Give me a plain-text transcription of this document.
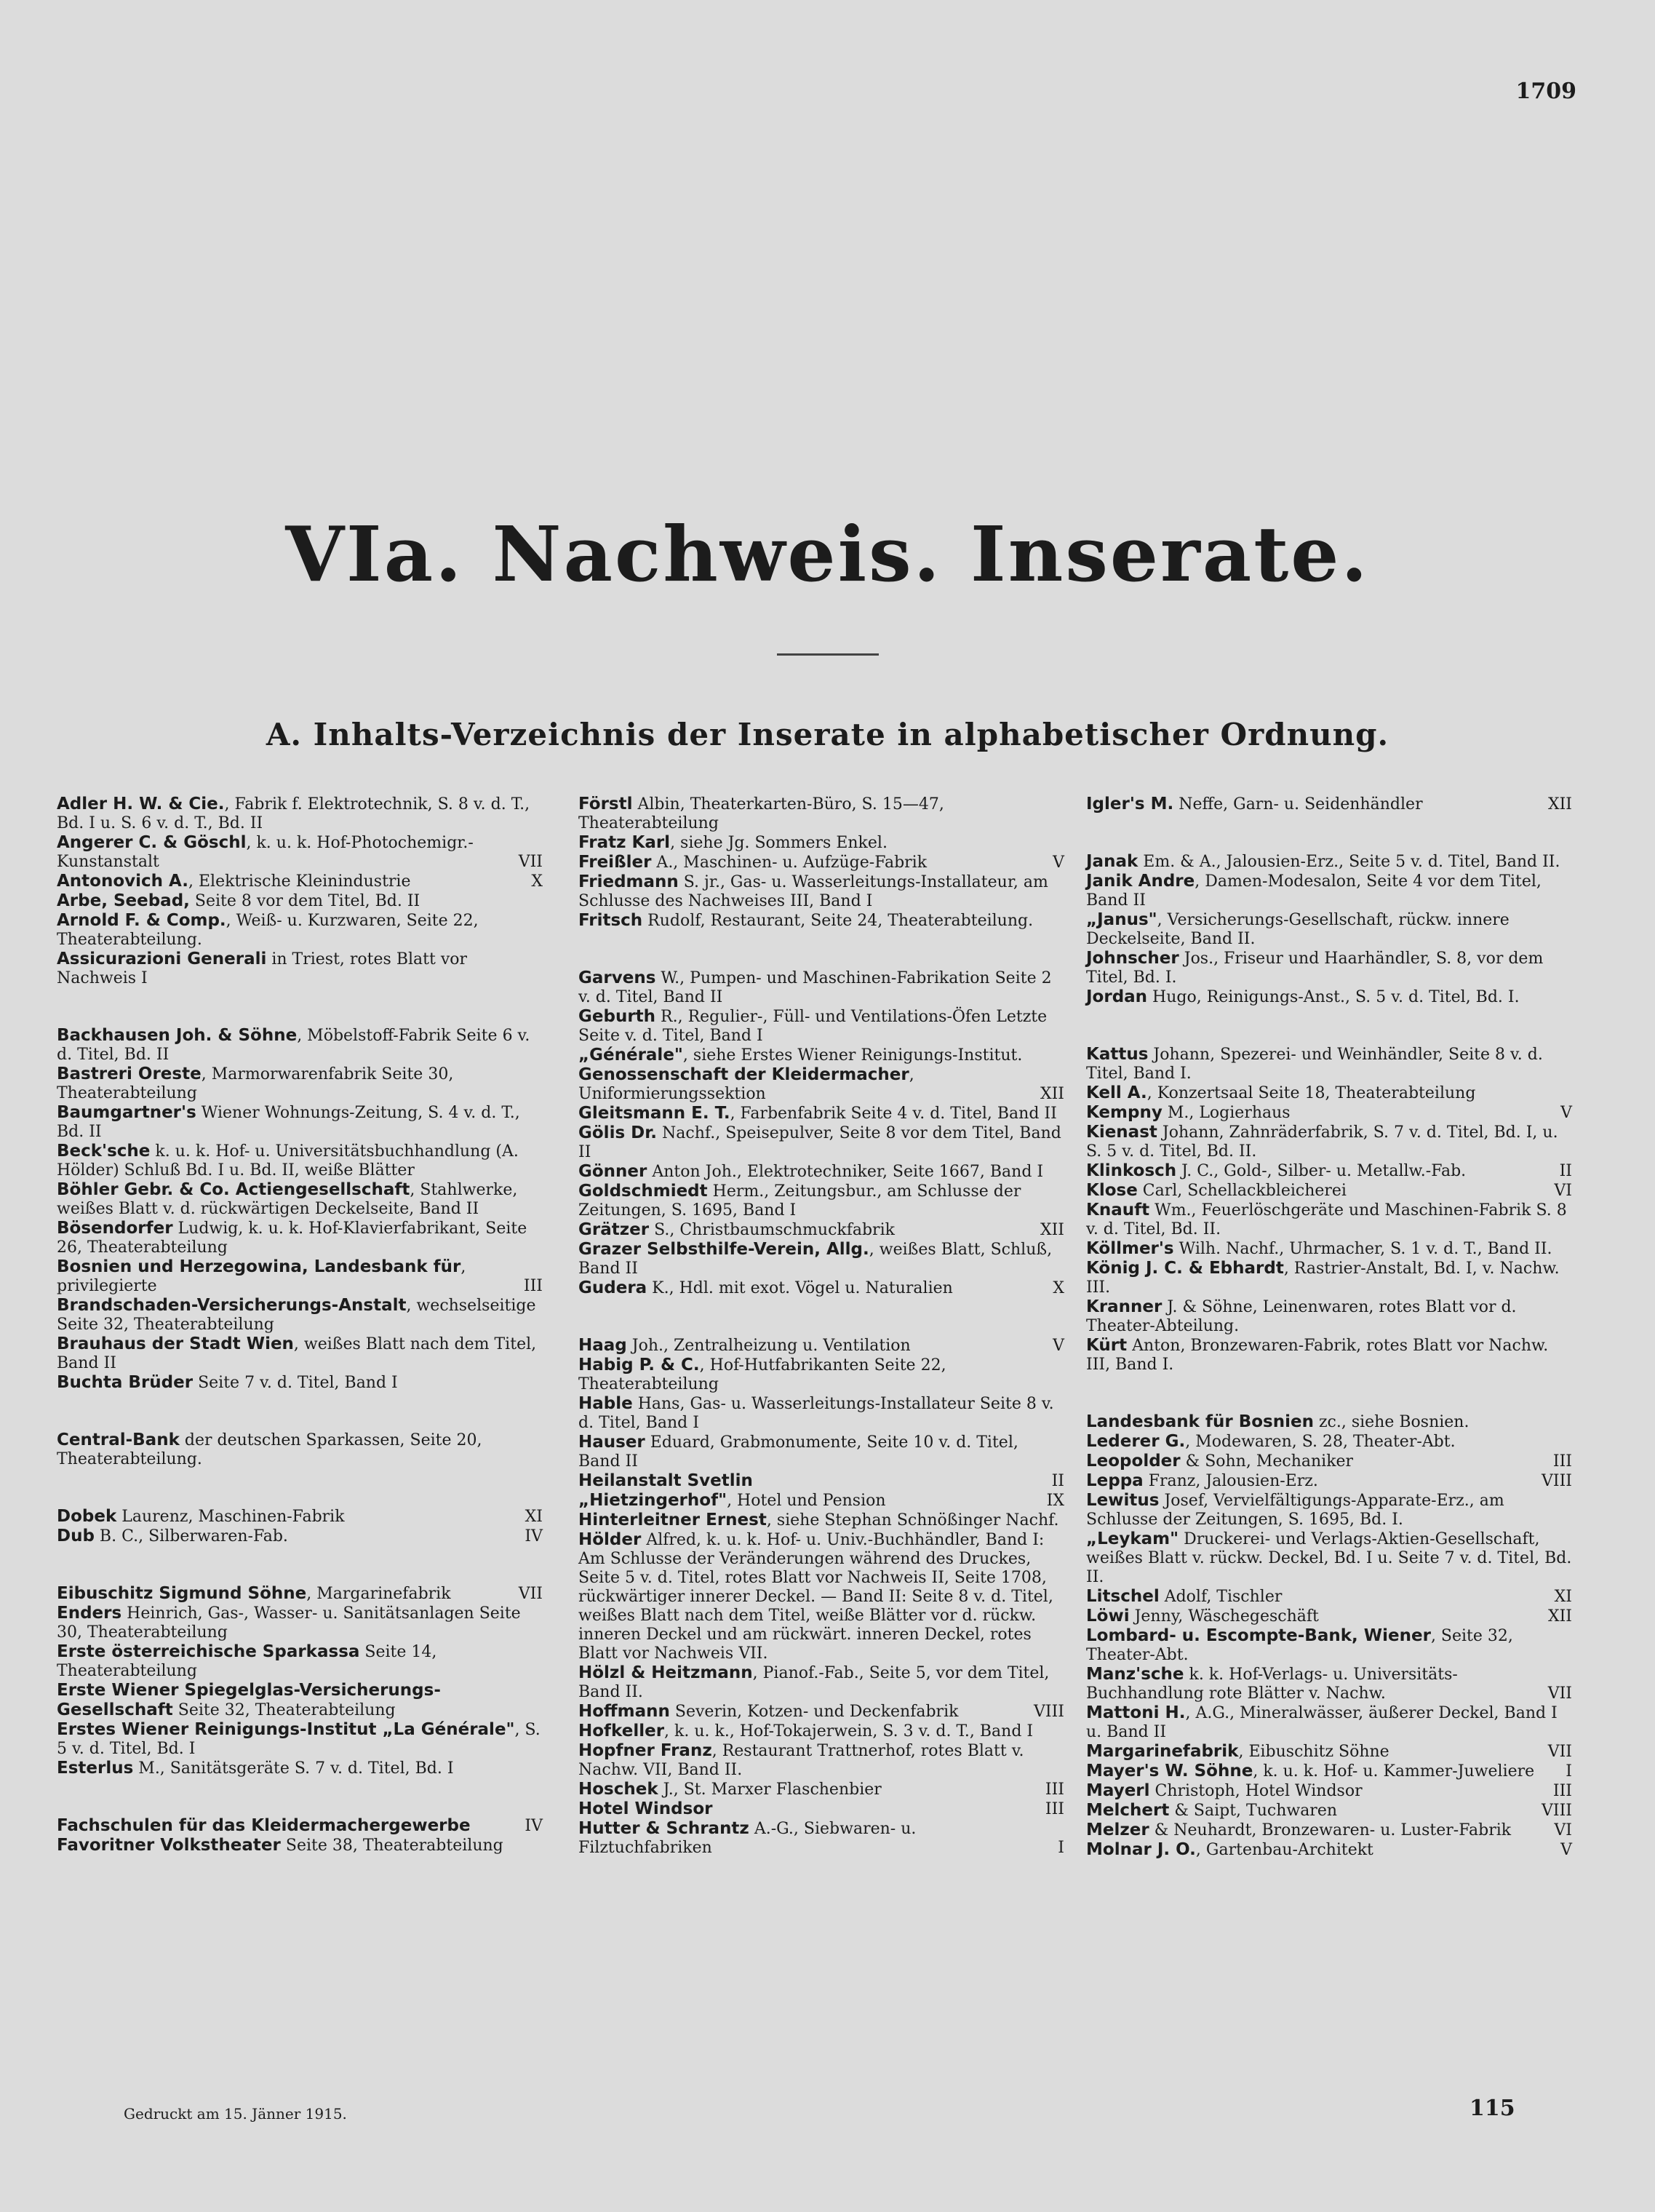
1709
VIa. Nachweis. Inserate.
A. Inhalts-Verzeichnis der Inserate in alphabetischer Ordnung.

Adler H. W. & Cie., Fabrik f. Elektrotechnik, S. 8 v. d. T., Bd. I u. S. 6 v. d. T., Bd. II

Angerer C. & Göschl, k. u. k. Hof-Photochemigr.-Kunstanstalt	VII

Antonovich A., Elektrische Kleinindustrie	X

Arbe, Seebad, Seite 8 vor dem Titel, Bd. II

Arnold F. & Comp., Weiß- u. Kurzwaren, Seite 22, Theaterabteilung.

Assicurazioni Generali in Triest, rotes Blatt vor Nachweis I

Backhausen Joh. & Söhne, Möbelstoff-Fabrik Seite 6 v. d. Titel, Bd. II

Bastreri Oreste, Marmorwarenfabrik Seite 30, Theaterabteilung

Baumgartner's Wiener Wohnungs-Zeitung, S. 4 v. d. T., Bd. II

Beck'sche k. u. k. Hof- u. Universitätsbuchhandlung (A. Hölder) Schluß Bd. I u. Bd. II, weiße Blätter

Böhler Gebr. & Co. Actiengesellschaft, Stahlwerke, weißes Blatt v. d. rückwärtigen Deckelseite, Band II

Bösendorfer Ludwig, k. u. k. Hof-Klavierfabrikant, Seite 26, Theaterabteilung

Bosnien und Herzegowina, Landesbank für, privilegierte	III

Brandschaden-Versicherungs-Anstalt, wechselseitige Seite 32, Theaterabteilung

Brauhaus der Stadt Wien, weißes Blatt nach dem Titel, Band II

Buchta Brüder Seite 7 v. d. Titel, Band I

Central-Bank der deutschen Sparkassen, Seite 20, Theaterabteilung.

Dobek Laurenz, Maschinen-Fabrik	XI

Dub B. C., Silberwaren-Fab.	IV

Eibuschitz Sigmund Söhne, Margarinefabrik	VII

Enders Heinrich, Gas-, Wasser- u. Sanitätsanlagen Seite 30, Theaterabteilung

Erste österreichische Sparkassa Seite 14, Theaterabteilung

Erste Wiener Spiegelglas-Versicherungs-Gesellschaft Seite 32, Theaterabteilung

Erstes Wiener Reinigungs-Institut „La Générale", S. 5 v. d. Titel, Bd. I

Esterlus M., Sanitätsgeräte S. 7 v. d. Titel, Bd. I

Fachschulen für das Kleidermachergewerbe	IV

Favoritner Volkstheater Seite 38, Theaterabteilung

Förstl Albin, Theaterkarten-Büro, S. 15—47, Theaterabteilung

Fratz Karl, siehe Jg. Sommers Enkel.

Freißler A., Maschinen- u. Aufzüge-Fabrik	V

Friedmann S. jr., Gas- u. Wasserleitungs-Installateur, am Schlusse des Nachweises III, Band I

Fritsch Rudolf, Restaurant, Seite 24, Theaterabteilung.

Garvens W., Pumpen- und Maschinen-Fabrikation Seite 2 v. d. Titel, Band II

Geburth R., Regulier-, Füll- und Ventilations-Öfen Letzte Seite v. d. Titel, Band I

„Générale", siehe Erstes Wiener Reinigungs-Institut.

Genossenschaft der Kleidermacher, Uniformierungssektion	XII

Gleitsmann E. T., Farbenfabrik Seite 4 v. d. Titel, Band II

Gölis Dr. Nachf., Speisepulver, Seite 8 vor dem Titel, Band II

Gönner Anton Joh., Elektrotechniker, Seite 1667, Band I

Goldschmiedt Herm., Zeitungsbur., am Schlusse der Zeitungen, S. 1695, Band I

Grätzer S., Christbaumschmuckfabrik	XII

Grazer Selbsthilfe-Verein, Allg., weißes Blatt, Schluß, Band II

Gudera K., Hdl. mit exot. Vögel u. Naturalien	X

Haag Joh., Zentralheizung u. Ventilation	V

Habig P. & C., Hof-Hutfabrikanten Seite 22, Theaterabteilung

Hable Hans, Gas- u. Wasserleitungs-Installateur Seite 8 v. d. Titel, Band I

Hauser Eduard, Grabmonumente, Seite 10 v. d. Titel, Band II

Heilanstalt Svetlin	II

„Hietzingerhof", Hotel und Pension	IX

Hinterleitner Ernest, siehe Stephan Schnößinger Nachf.

Hölder Alfred, k. u. k. Hof- u. Univ.-Buchhändler, Band I: Am Schlusse der Veränderungen während des Druckes, Seite 5 v. d. Titel, rotes Blatt vor Nachweis II, Seite 1708, rückwärtiger innerer Deckel. — Band II: Seite 8 v. d. Titel, weißes Blatt nach dem Titel, weiße Blätter vor d. rückw. inneren Deckel und am rückwärt. inneren Deckel, rotes Blatt vor Nachweis VII.

Hölzl & Heitzmann, Pianof.-Fab., Seite 5, vor dem Titel, Band II.

Hoffmann Severin, Kotzen- und Deckenfabrik	VIII

Hofkeller, k. u. k., Hof-Tokajerwein, S. 3 v. d. T., Band I

Hopfner Franz, Restaurant Trattnerhof, rotes Blatt v. Nachw. VII, Band II.

Hoschek J., St. Marxer Flaschenbier	III

Hotel Windsor	III

Hutter & Schrantz A.-G., Siebwaren- u. Filztuchfabriken	I

Igler's M. Neffe, Garn- u. Seidenhändler	XII

Janak Em. & A., Jalousien-Erz., Seite 5 v. d. Titel, Band II.

Janik Andre, Damen-Modesalon, Seite 4 vor dem Titel, Band II

„Janus", Versicherungs-Gesellschaft, rückw. innere Deckelseite, Band II.

Johnscher Jos., Friseur und Haarhändler, S. 8, vor dem Titel, Bd. I.

Jordan Hugo, Reinigungs-Anst., S. 5 v. d. Titel, Bd. I.

Kattus Johann, Spezerei- und Weinhändler, Seite 8 v. d. Titel, Band I.

Kell A., Konzertsaal Seite 18, Theaterabteilung

Kempny M., Logierhaus	V

Kienast Johann, Zahnräderfabrik, S. 7 v. d. Titel, Bd. I, u. S. 5 v. d. Titel, Bd. II.

Klinkosch J. C., Gold-, Silber- u. Metallw.-Fab.	II

Klose Carl, Schellackbleicherei	VI

Knauft Wm., Feuerlöschgeräte und Maschinen-Fabrik S. 8 v. d. Titel, Bd. II.

Köllmer's Wilh. Nachf., Uhrmacher, S. 1 v. d. T., Band II.

König J. C. & Ebhardt, Rastrier-Anstalt, Bd. I, v. Nachw. III.

Kranner J. & Söhne, Leinenwaren, rotes Blatt vor d. Theater-Abteilung.

Kürt Anton, Bronzewaren-Fabrik, rotes Blatt vor Nachw. III, Band I.

Landesbank für Bosnien zc., siehe Bosnien.

Lederer G., Modewaren, S. 28, Theater-Abt.

Leopolder & Sohn, Mechaniker	III

Leppa Franz, Jalousien-Erz.	VIII

Lewitus Josef, Vervielfältigungs-Apparate-Erz., am Schlusse der Zeitungen, S. 1695, Bd. I.

„Leykam" Druckerei- und Verlags-Aktien-Gesellschaft, weißes Blatt v. rückw. Deckel, Bd. I u. Seite 7 v. d. Titel, Bd. II.

Litschel Adolf, Tischler	XI

Löwi Jenny, Wäschegeschäft	XII

Lombard- u. Escompte-Bank, Wiener, Seite 32, Theater-Abt.

Manz'sche k. k. Hof-Verlags- u. Universitäts-Buchhandlung rote Blätter v. Nachw.	VII

Mattoni H., A.G., Mineralwässer, äußerer Deckel, Band I u. Band II

Margarinefabrik, Eibuschitz Söhne	VII

Mayer's W. Söhne, k. u. k. Hof- u. Kammer-Juweliere I

Mayerl Christoph, Hotel Windsor	III

Melchert & Saipt, Tuchwaren	VIII

Melzer & Neuhardt, Bronzewaren- u. Luster-Fabrik	VI

Molnar J. O., Gartenbau-Architekt	V

Gedruckt am 15. Jänner 1915.	115
